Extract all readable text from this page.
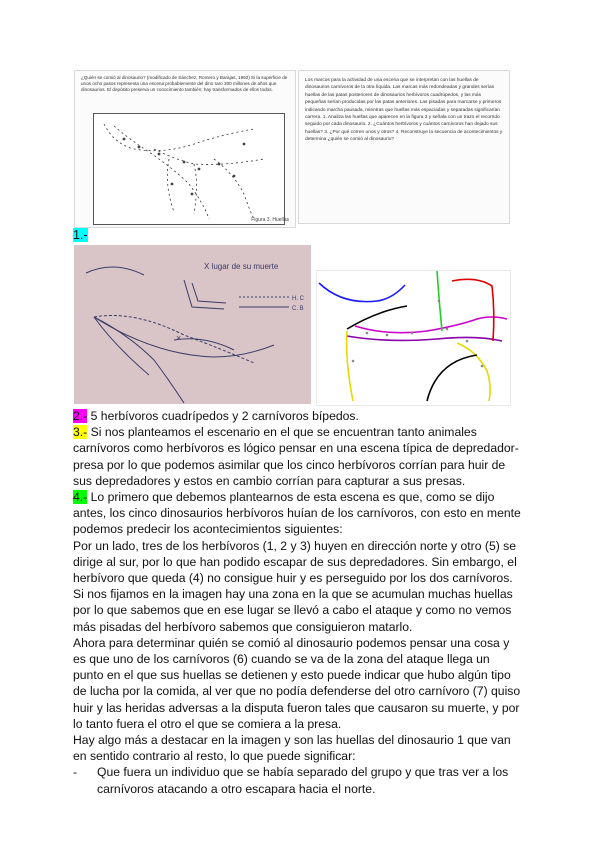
¿Quién se comió al dinosaurio? (modificado de Sánchez, Romero y Barajas, 1992) Si la superficie de unos ocho pasos representa una escena probablemente del dino raro 300 millones de años que dinosaurios. El depósito preserva un conocimiento también; hay transformados de ellos todos.
Figura 3. Huellas
Los marcos para la actividad de una escena que se interpretan con las huellas de dinosaurios carnívoros de la otra líquida. Las marcas más redondeadas y grandes serían huellas de las patas posteriores de dinosaurios herbívoros cuadrúpedos, y las más pequeñas serían producidas por las patas anteriores. Las pisadas para marcarse y primeros indicando marcha pausada, mientras que huellas más espaciadas y separadas significarían carrera. 1. Analiza las huellas que aparecen en la figura 3 y señala con un trazo el recorrido seguido por cada dinosaurio. 2. ¿Cuántos herbívoros y cuántos carnívoros han dejado sus huellas? 3. ¿Por qué corren unos y otros? 4. Reconstruye la secuencia de acontecimientos y determina ¿quién se comió al dinosaurio?
1.-
X lugar de su muerte
H. C
C. B
×

2.- 5 herbívoros cuadrípedos y 2 carnívoros bípedos.

3.- Si nos planteamos el escenario en el que se encuentran tanto animales carnívoros como herbívoros es lógico pensar en una escena típica de depredador-presa por lo que podemos asimilar que los cinco herbívoros corrían para huir de sus depredadores y estos en cambio corrían para capturar a sus presas.

4.- Lo primero que debemos plantearnos de esta escena es que, como se dijo antes, los cinco dinosaurios herbívoros huían de los carnívoros, con esto en mente podemos predecir los acontecimientos siguientes:

Por un lado, tres de los herbívoros (1, 2 y 3) huyen en dirección norte y otro (5) se dirige al sur, por lo que han podido escapar de sus depredadores. Sin embargo, el herbívoro que queda (4) no consigue huir y es perseguido por los dos carnívoros.

Si nos fijamos en la imagen hay una zona en la que se acumulan muchas huellas por lo que sabemos que en ese lugar se llevó a cabo el ataque y como no vemos más pisadas del herbívoro sabemos que consiguieron matarlo.

Ahora para determinar quién se comió al dinosaurio podemos pensar una cosa y es que uno de los carnívoros (6) cuando se va de la zona del ataque llega un punto en el que sus huellas se detienen y esto puede indicar que hubo algún tipo de lucha por la comida, al ver que no podía defenderse del otro carnívoro (7) quiso huir y las heridas adversas a la disputa fueron tales que causaron su muerte, y por lo tanto fuera el otro el que se comiera a la presa.

Hay algo más a destacar en la imagen y son las huellas del dinosaurio 1 que van en sentido contrario al resto, lo que puede significar:

-	Que fuera un individuo que se había separado del grupo y que tras ver a los carnívoros atacando a otro escapara hacia el norte.
